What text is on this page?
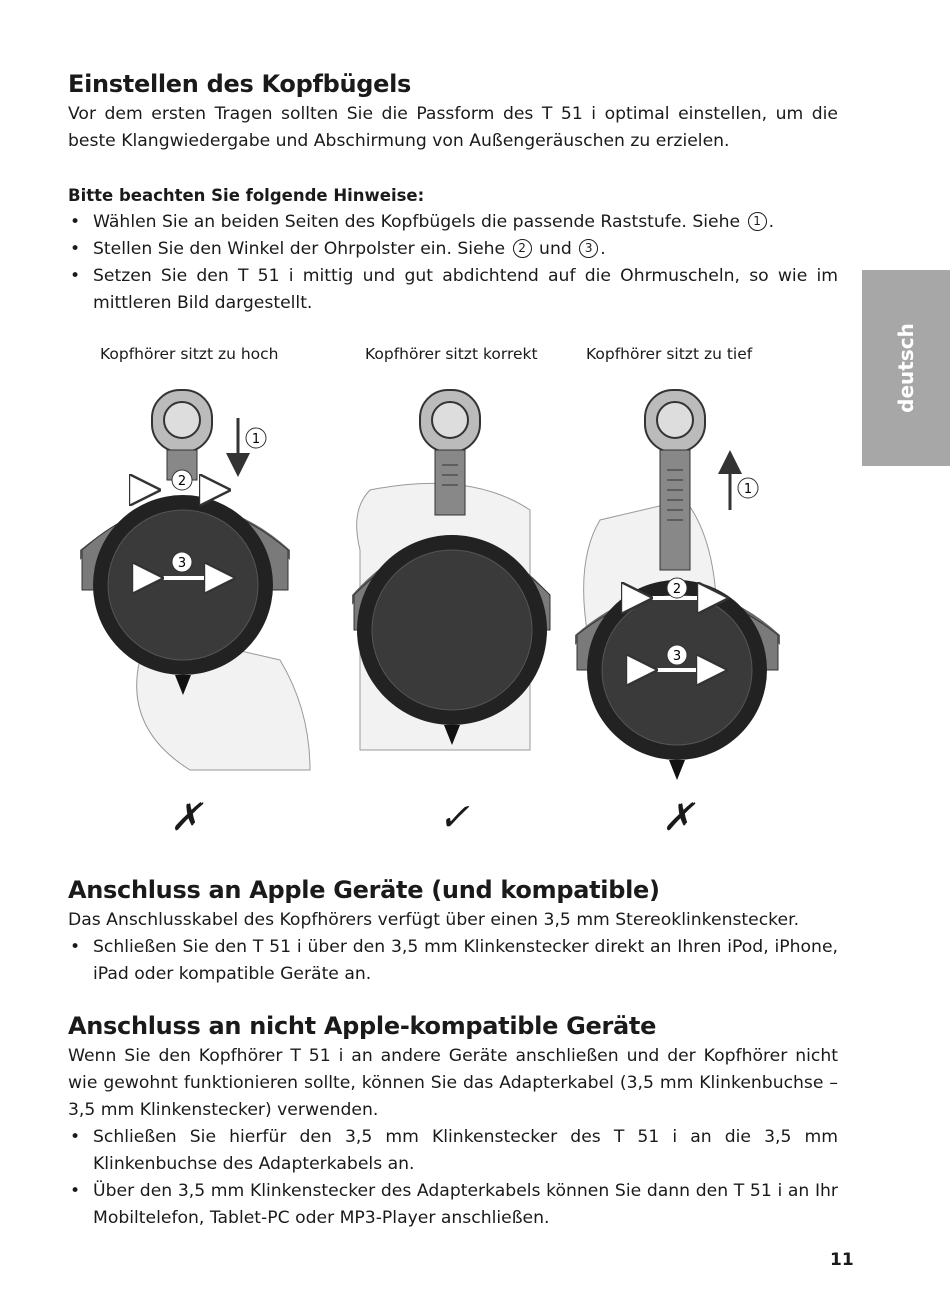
Einstellen des Kopfbügels

Vor dem ersten Tragen sollten Sie die Passform des T 51 i optimal einstellen, um die beste Klangwiedergabe und Abschirmung von Außengeräuschen zu erzielen.

Bitte beachten Sie folgende Hinweise:

• Wählen Sie an beiden Seiten des Kopfbügels die passende Raststufe. Siehe 1 .
• Stellen Sie den Winkel der Ohrpolster ein. Siehe 2 und 3 .
• Setzen Sie den T 51 i mittig und gut abdichtend auf die Ohrmuscheln, so wie im mittleren Bild dargestellt.
Kopfhörer sitzt zu hoch	Kopfhörer sitzt korrekt	Kopfhörer sitzt zu tief
2
3
1
2
3
1
✗	✓	✗
Anschluss an Apple Geräte (und kompatible)

Das Anschlusskabel des Kopfhörers verfügt über einen 3,5 mm Stereoklinkenstecker.

• Schließen Sie den T 51 i über den 3,5 mm Klinkenstecker direkt an Ihren iPod, iPhone, iPad oder kompatible Geräte an.
Anschluss an nicht Apple-kompatible Geräte

Wenn Sie den Kopfhörer T 51 i an andere Geräte anschließen und der Kopfhörer nicht wie gewohnt funktionieren sollte, können Sie das Adapterkabel (3,5 mm Klinkenbuchse – 3,5 mm Klinkenstecker) verwenden.

• Schließen Sie hierfür den 3,5 mm Klinkenstecker des T 51 i an die 3,5 mm Klinkenbuchse des Adapterkabels an.
• Über den 3,5 mm Klinkenstecker des Adapterkabels können Sie dann den T 51 i an Ihr Mobiltelefon, Tablet-PC oder MP3-Player anschließen.
deutsch
11
